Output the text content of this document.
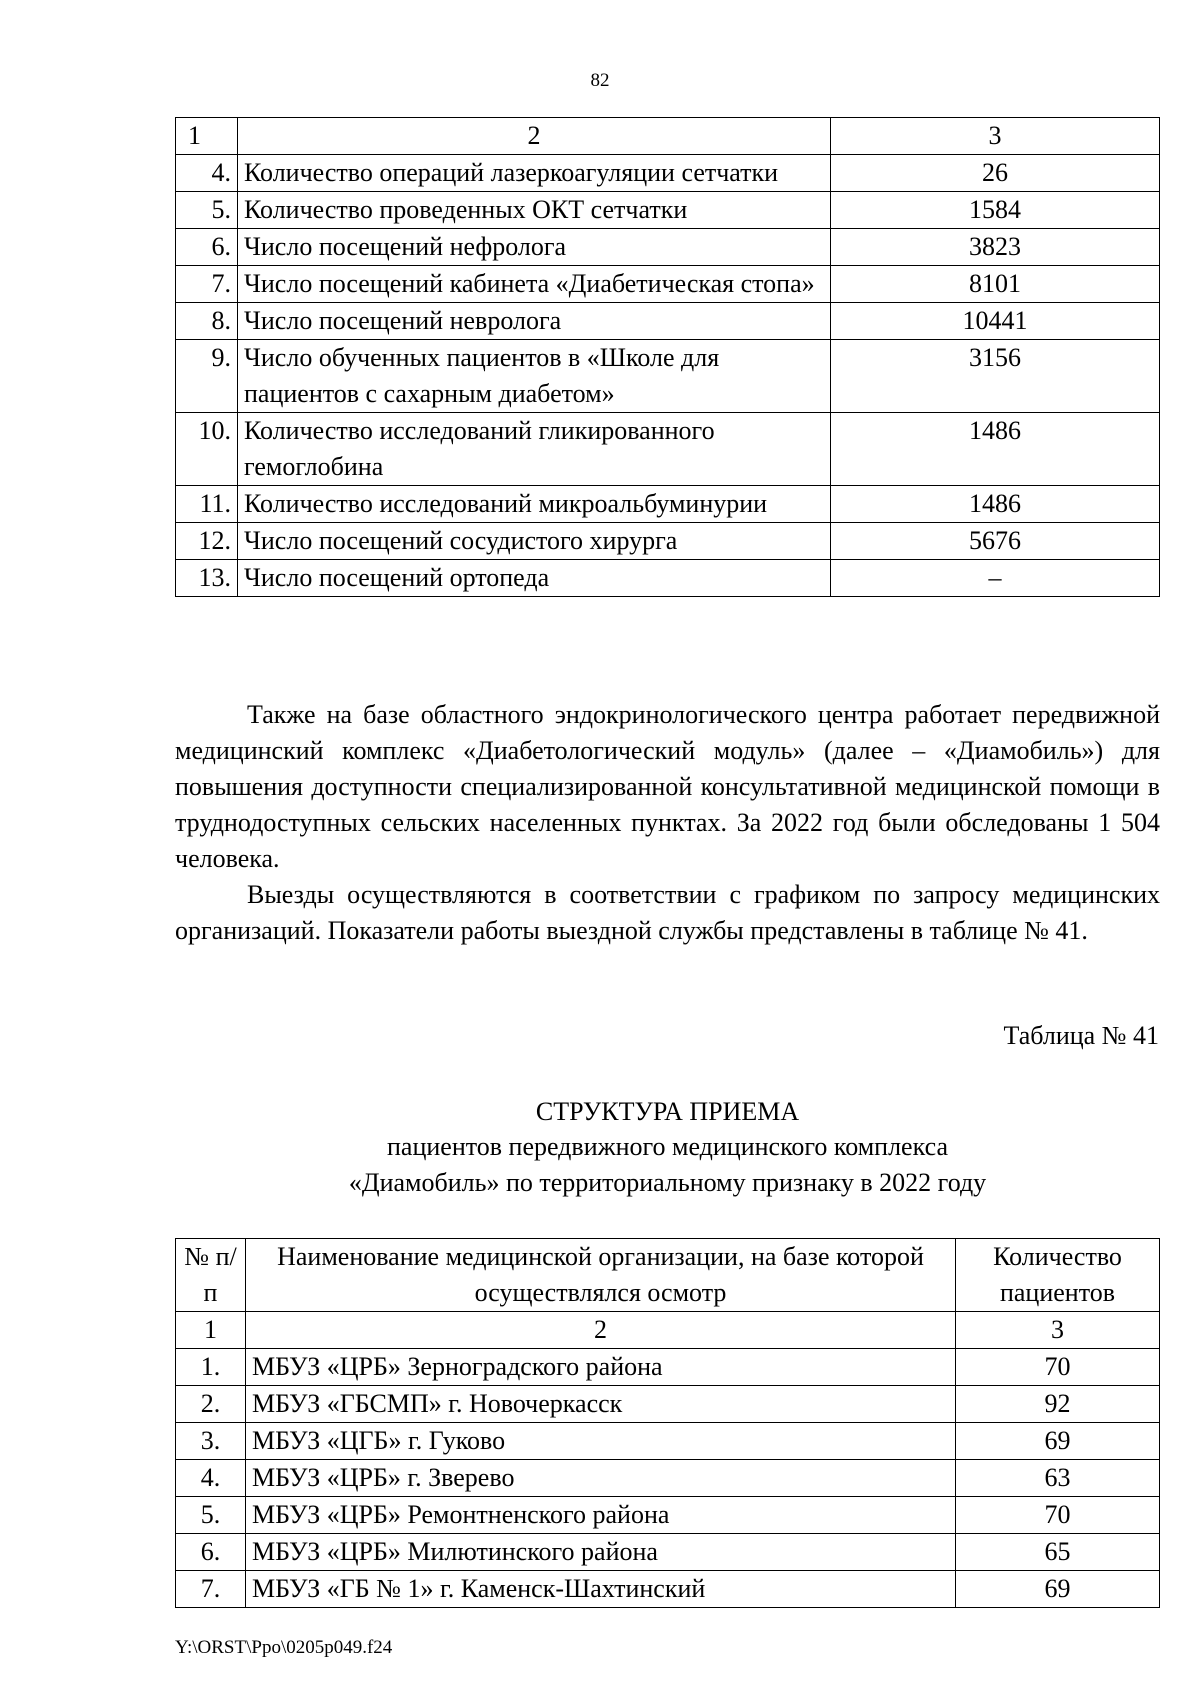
82
1	2	3
4.	Количество операций лазеркоагуляции сетчатки	26
5.	Количество проведенных ОКТ сетчатки	1584
6.	Число посещений нефролога	3823
7.	Число посещений кабинета «Диабетическая стопа»	8101
8.	Число посещений невролога	10441
9.	Число обученных пациентов в «Школе для пациентов с сахарным диабетом»	3156
10.	Количество исследований гликированного гемоглобина	1486
11.	Количество исследований микроальбуминурии	1486
12.	Число посещений сосудистого хирурга	5676
13.	Число посещений ортопеда	–

Также на базе областного эндокринологического центра работает передвижной медицинский комплекс «Диабетологический модуль» (далее – «Диамобиль») для повышения доступности специализированной консультативной медицинской помощи в труднодоступных сельских населенных пунктах. За 2022 год были обследованы 1 504 человека.

Выезды осуществляются в соответствии с графиком по запросу медицинских организаций. Показатели работы выездной службы представлены в таблице № 41.

Таблица № 41
СТРУКТУРА ПРИЕМА
пациентов передвижного медицинского комплекса
«Диамобиль» по территориальному признаку в 2022 году
№ п/п	Наименование медицинской организации, на базе которой осуществлялся осмотр	Количество пациентов
1	2	3
1.	МБУЗ «ЦРБ» Зерноградского района	70
2.	МБУЗ «ГБСМП» г. Новочеркасск	92
3.	МБУЗ «ЦГБ» г. Гуково	69
4.	МБУЗ «ЦРБ» г. Зверево	63
5.	МБУЗ «ЦРБ» Ремонтненского района	70
6.	МБУЗ «ЦРБ» Милютинского района	65
7.	МБУЗ «ГБ № 1» г. Каменск-Шахтинский	69
Y:\ORST\Ppo\0205p049.f24
